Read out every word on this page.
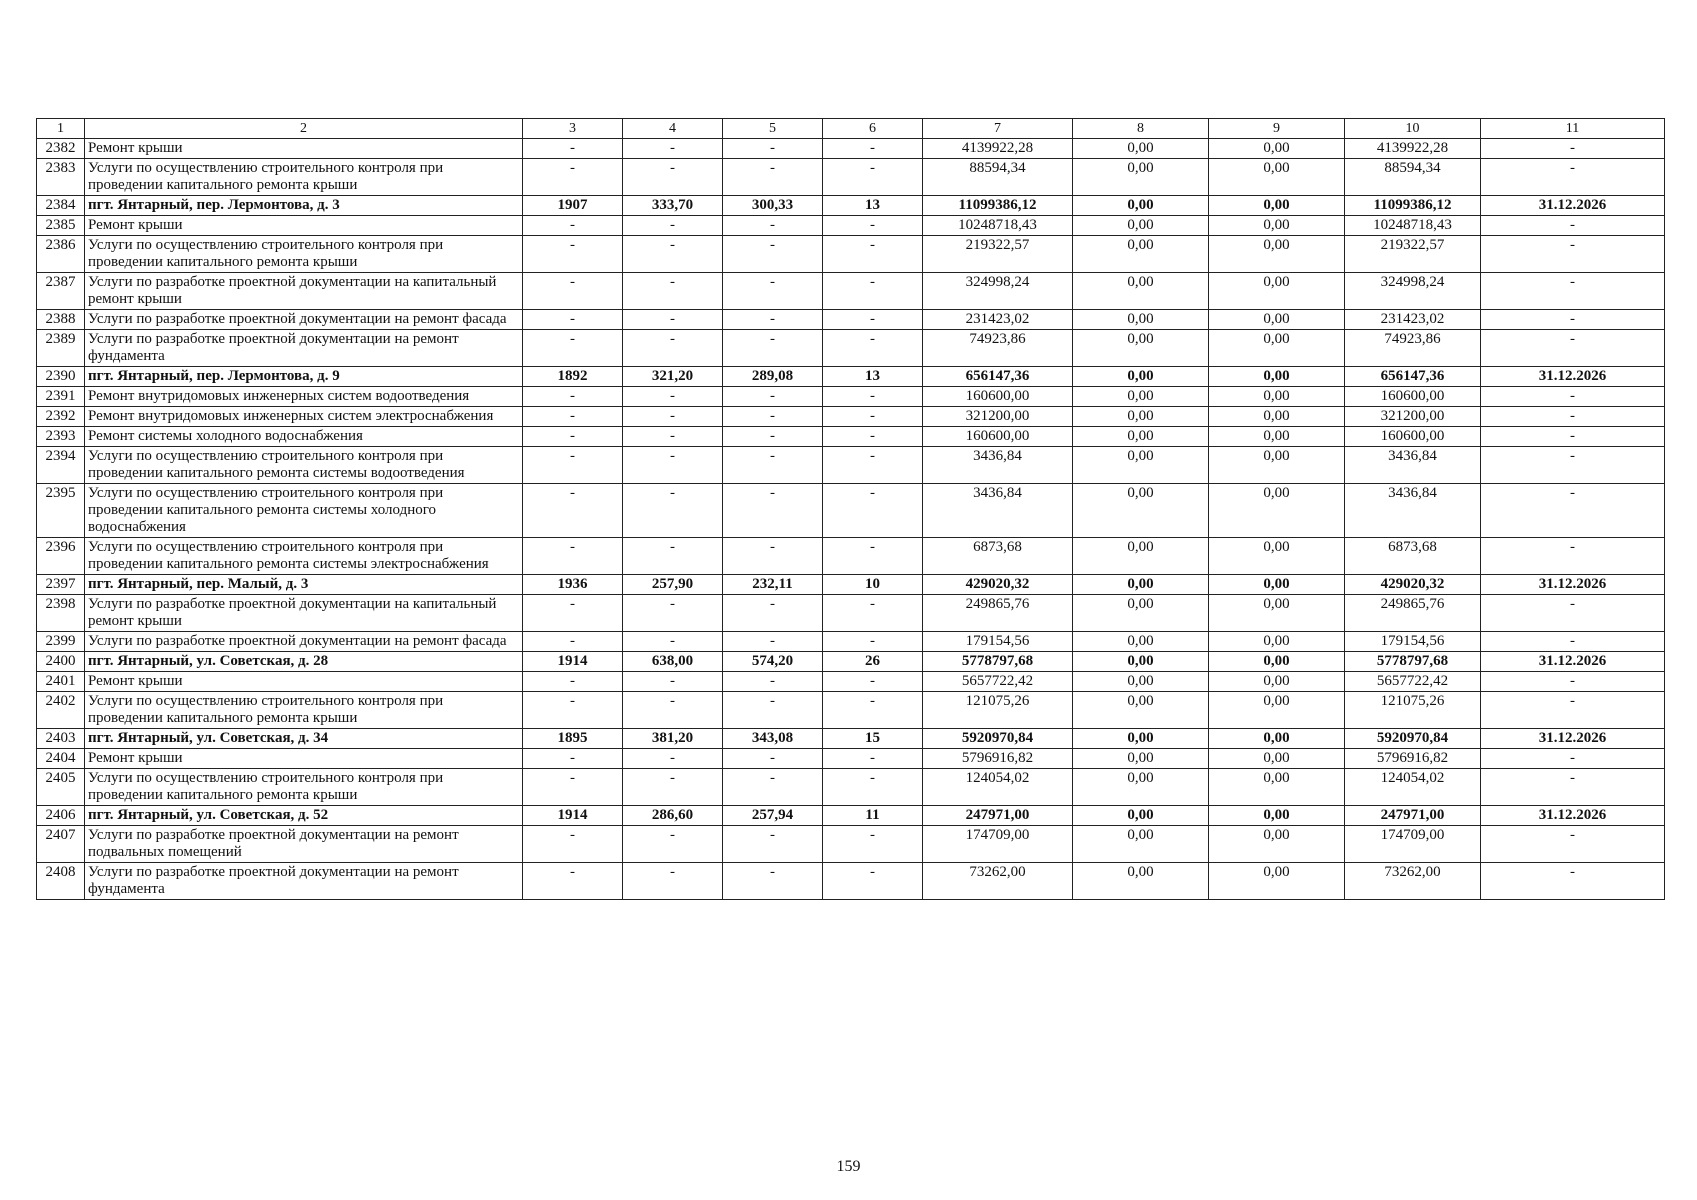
1	2	3	4	5	6	7	8	9	10	11
2382	Ремонт крыши	-	-	-	-	4139922,28	0,00	0,00	4139922,28	-
2383	Услуги по осуществлению строительного контроля при проведении капитального ремонта крыши	-	-	-	-	88594,34	0,00	0,00	88594,34	-
2384	пгт. Янтарный, пер. Лермонтова, д. 3	1907	333,70	300,33	13	11099386,12	0,00	0,00	11099386,12	31.12.2026
2385	Ремонт крыши	-	-	-	-	10248718,43	0,00	0,00	10248718,43	-
2386	Услуги по осуществлению строительного контроля при проведении капитального ремонта крыши	-	-	-	-	219322,57	0,00	0,00	219322,57	-
2387	Услуги по разработке проектной документации на капитальный ремонт крыши	-	-	-	-	324998,24	0,00	0,00	324998,24	-
2388	Услуги по разработке проектной документации на ремонт фасада	-	-	-	-	231423,02	0,00	0,00	231423,02	-
2389	Услуги по разработке проектной документации на ремонт фундамента	-	-	-	-	74923,86	0,00	0,00	74923,86	-
2390	пгт. Янтарный, пер. Лермонтова, д. 9	1892	321,20	289,08	13	656147,36	0,00	0,00	656147,36	31.12.2026
2391	Ремонт внутридомовых инженерных систем водоотведения	-	-	-	-	160600,00	0,00	0,00	160600,00	-
2392	Ремонт внутридомовых инженерных систем электроснабжения	-	-	-	-	321200,00	0,00	0,00	321200,00	-
2393	Ремонт системы холодного водоснабжения	-	-	-	-	160600,00	0,00	0,00	160600,00	-
2394	Услуги по осуществлению строительного контроля при проведении капитального ремонта системы водоотведения	-	-	-	-	3436,84	0,00	0,00	3436,84	-
2395	Услуги по осуществлению строительного контроля при проведении капитального ремонта системы холодного водоснабжения	-	-	-	-	3436,84	0,00	0,00	3436,84	-
2396	Услуги по осуществлению строительного контроля при проведении капитального ремонта системы электроснабжения	-	-	-	-	6873,68	0,00	0,00	6873,68	-
2397	пгт. Янтарный, пер. Малый, д. 3	1936	257,90	232,11	10	429020,32	0,00	0,00	429020,32	31.12.2026
2398	Услуги по разработке проектной документации на капитальный ремонт крыши	-	-	-	-	249865,76	0,00	0,00	249865,76	-
2399	Услуги по разработке проектной документации на ремонт фасада	-	-	-	-	179154,56	0,00	0,00	179154,56	-
2400	пгт. Янтарный, ул. Советская, д. 28	1914	638,00	574,20	26	5778797,68	0,00	0,00	5778797,68	31.12.2026
2401	Ремонт крыши	-	-	-	-	5657722,42	0,00	0,00	5657722,42	-
2402	Услуги по осуществлению строительного контроля при проведении капитального ремонта крыши	-	-	-	-	121075,26	0,00	0,00	121075,26	-
2403	пгт. Янтарный, ул. Советская, д. 34	1895	381,20	343,08	15	5920970,84	0,00	0,00	5920970,84	31.12.2026
2404	Ремонт крыши	-	-	-	-	5796916,82	0,00	0,00	5796916,82	-
2405	Услуги по осуществлению строительного контроля при проведении капитального ремонта крыши	-	-	-	-	124054,02	0,00	0,00	124054,02	-
2406	пгт. Янтарный, ул. Советская, д. 52	1914	286,60	257,94	11	247971,00	0,00	0,00	247971,00	31.12.2026
2407	Услуги по разработке проектной документации на ремонт подвальных помещений	-	-	-	-	174709,00	0,00	0,00	174709,00	-
2408	Услуги по разработке проектной документации на ремонт фундамента	-	-	-	-	73262,00	0,00	0,00	73262,00	-
159
